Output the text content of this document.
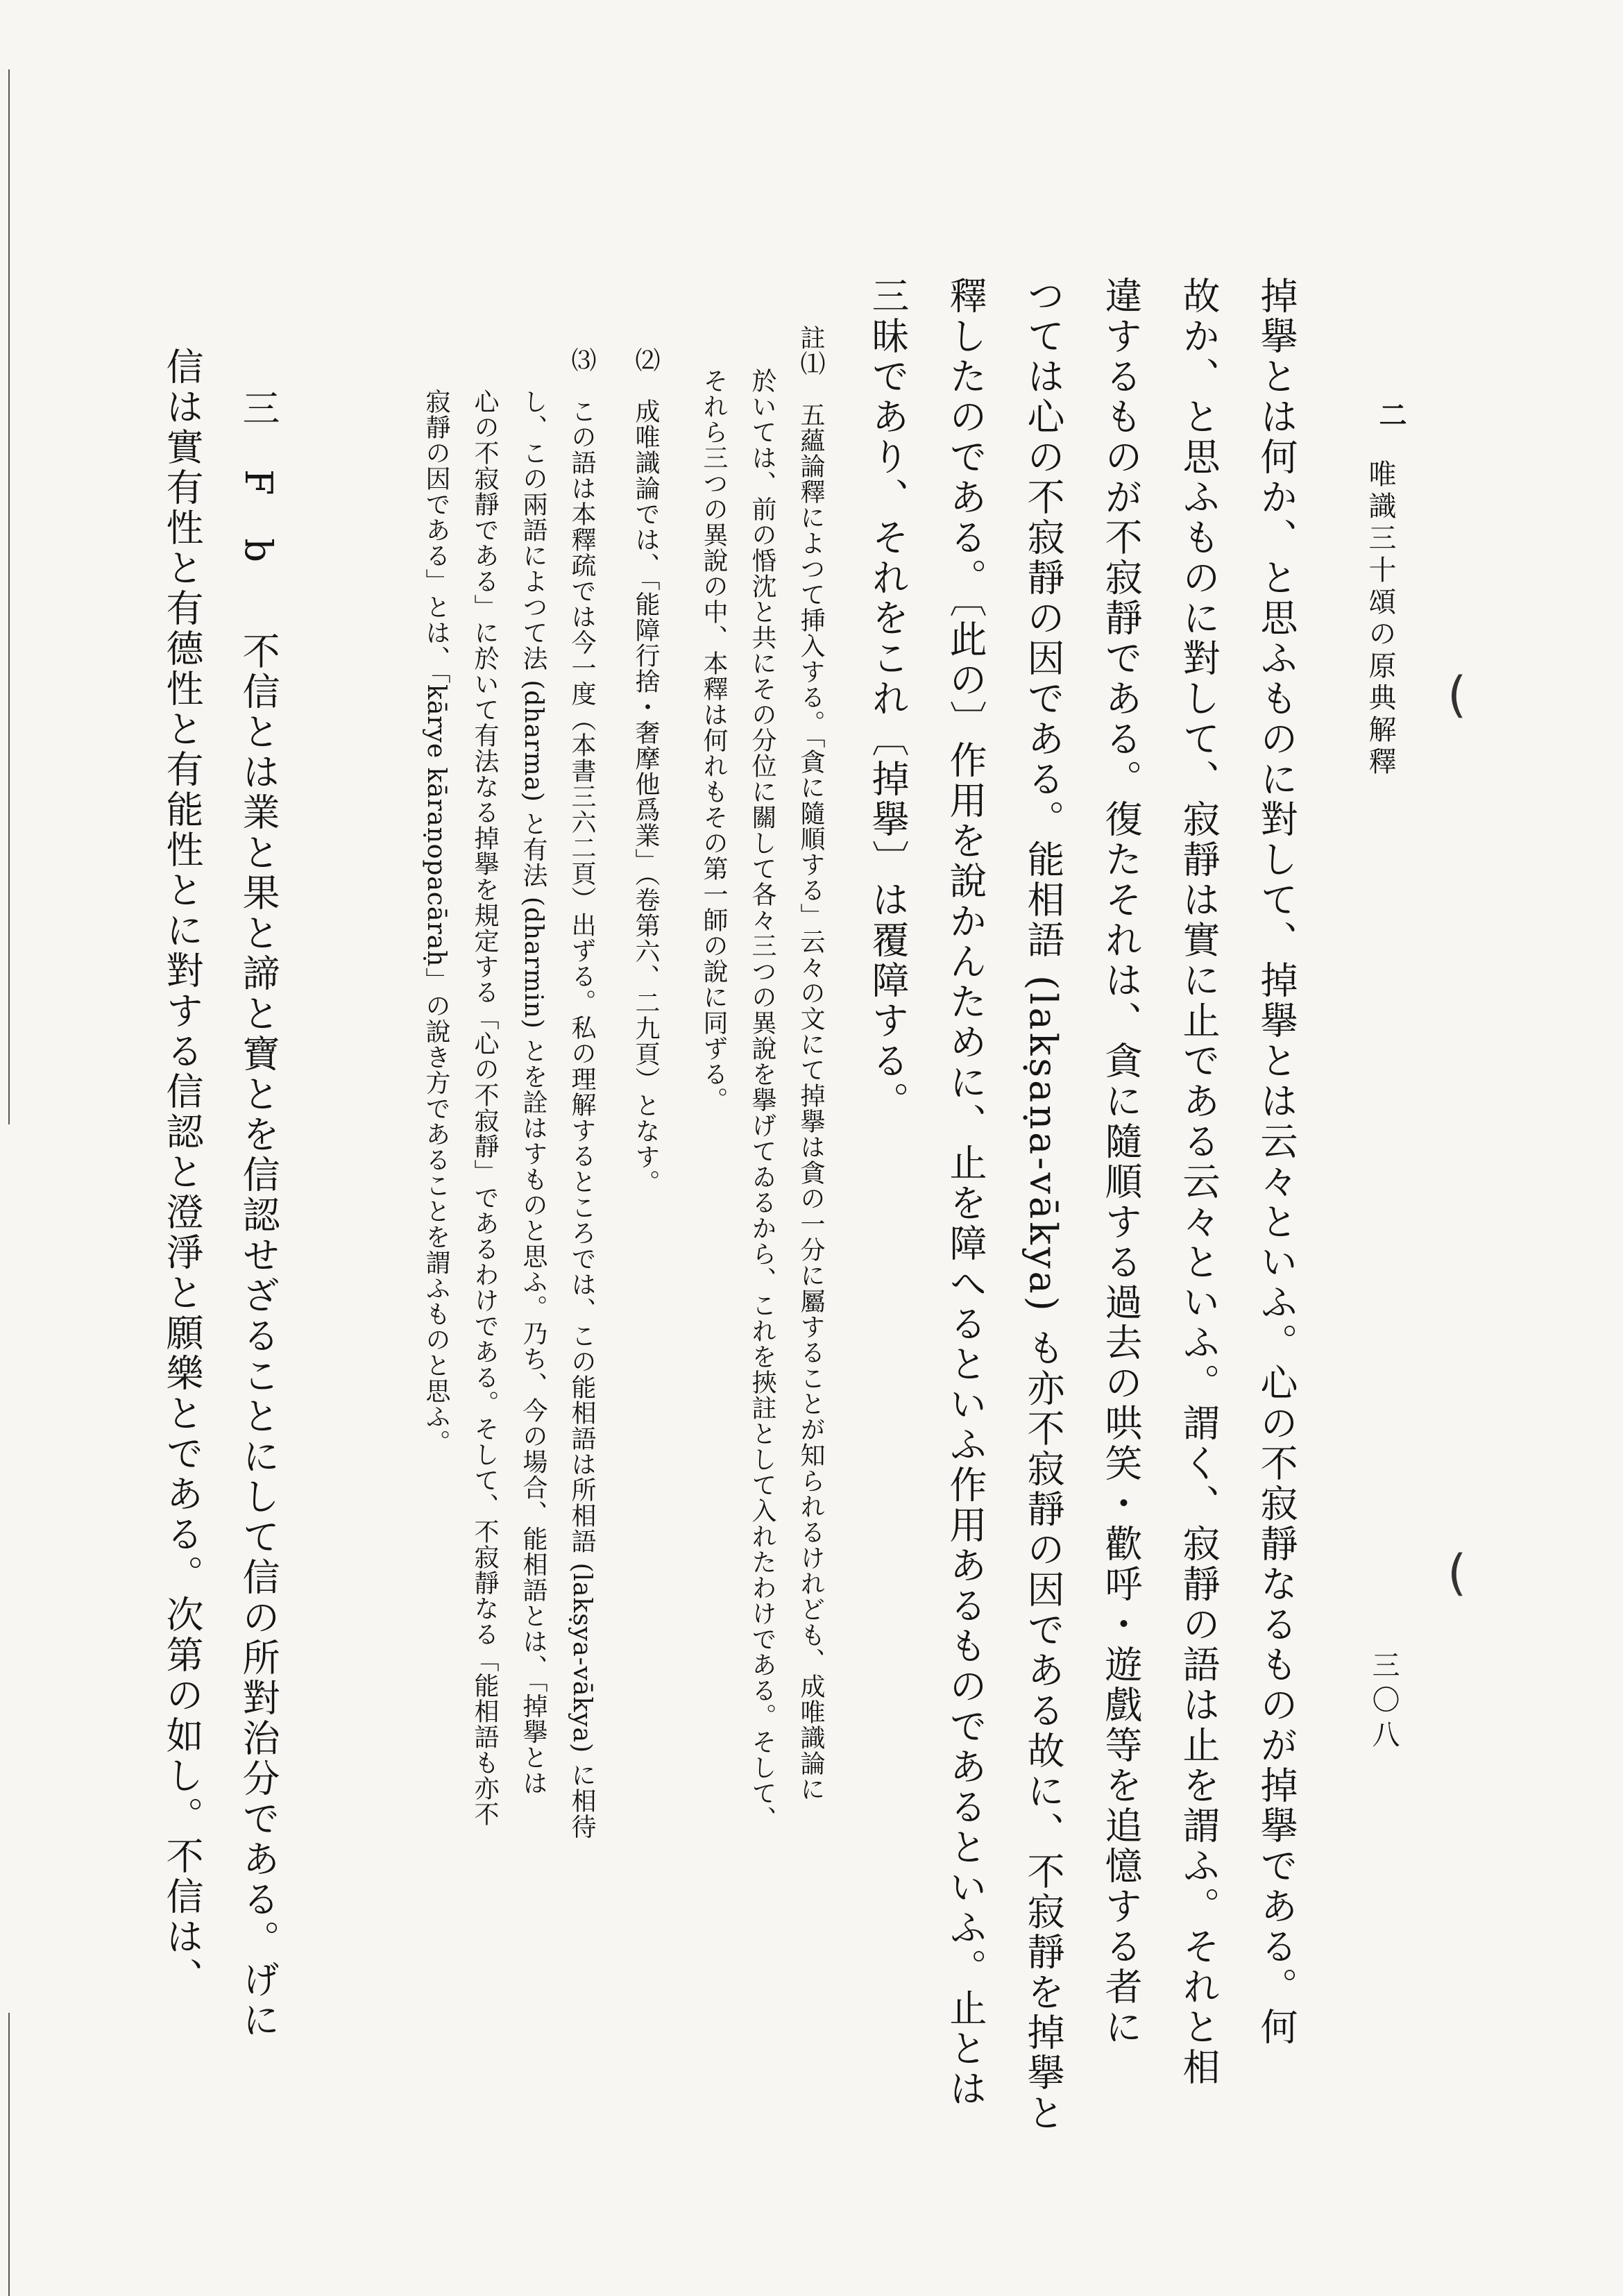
二
唯識三十頌の原典解釋
三〇八
(
(
掉擧とは何か、と思ふものに對して、掉擧とは云々といふ。心の不寂靜なるものが掉擧である。何
故か、と思ふものに對して、寂靜は實に止である云々といふ。謂く、寂靜の語は止を謂ふ。それと相
違するものが不寂靜である。復たそれは、貪に隨順する過去の哄笑・歡呼・遊戲等を追憶する者に
つては心の不寂靜の因である。能相語 (lakṣaṇa-vākya) も亦不寂靜の因である故に、不寂靜を掉擧と
釋したのである。〔此の〕作用を說かんために、止を障へるといふ作用あるものであるといふ。止とは
三昧であり、それをこれ〔掉擧〕は覆障する。
註⑴　五蘊論釋によつて挿入する。「貪に隨順する」云々の文にて掉擧は貪の一分に屬することが知られるけれども、成唯識論に
於いては、前の惛沈と共にその分位に關して各々三つの異說を擧げてゐるから、これを挾註として入れたわけである。そして、
それら三つの異說の中、本釋は何れもその第一師の說に同ずる。
⑵　成唯識論では、「能障行捨・奢摩他爲業」（卷第六、二九頁）となす。
⑶　この語は本釋疏では今一度（本書三六二頁）出ずる。私の理解するところでは、この能相語は所相語 (lakṣya-vākya) に相待
し、この兩語によつて法 (dharma) と有法 (dharmin) とを詮はすものと思ふ。乃ち、今の場合、能相語とは、「掉擧とは
心の不寂靜である」に於いて有法なる掉擧を規定する「心の不寂靜」であるわけである。そして、不寂靜なる「能相語も亦不
寂靜の因である」とは、「kārye kāraṇopacāraḥ」の說き方であることを謂ふものと思ふ。
三　F　b
不信とは業と果と諦と寶とを信認せざることにして信の所對治分である。げに
信は實有性と有德性と有能性とに對する信認と澄淨と願樂とである。次第の如し。不信は、
